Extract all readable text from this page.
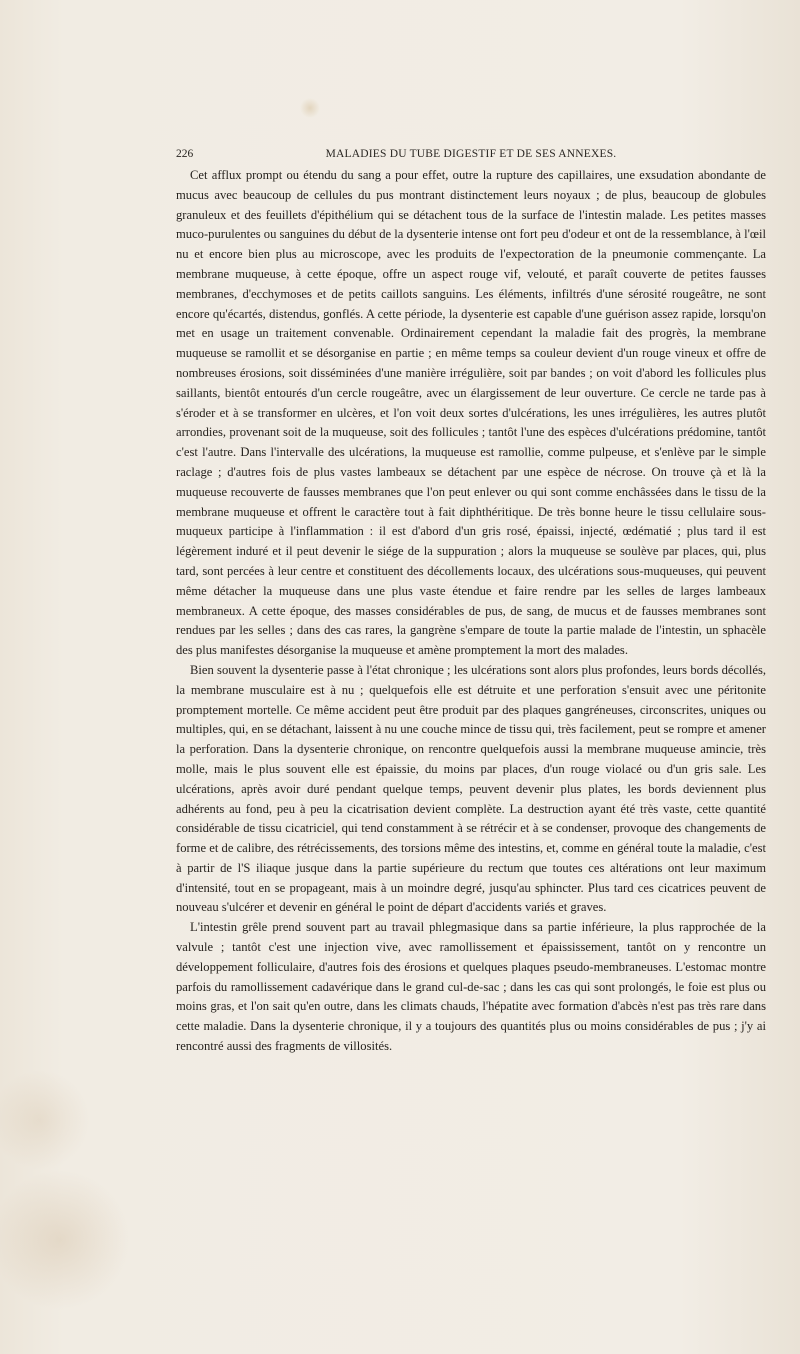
226	MALADIES DU TUBE DIGESTIF ET DE SES ANNEXES.

Cet afflux prompt ou étendu du sang a pour effet, outre la rupture des capillaires, une exsudation abondante de mucus avec beaucoup de cellules du pus montrant distinctement leurs noyaux ; de plus, beaucoup de globules granuleux et des feuillets d'épithélium qui se détachent tous de la surface de l'intestin malade. Les petites masses muco-purulentes ou sanguines du début de la dysenterie intense ont fort peu d'odeur et ont de la ressemblance, à l'œil nu et encore bien plus au microscope, avec les produits de l'expectoration de la pneumonie commençante. La membrane muqueuse, à cette époque, offre un aspect rouge vif, velouté, et paraît couverte de petites fausses membranes, d'ecchymoses et de petits caillots sanguins. Les éléments, infiltrés d'une sérosité rougeâtre, ne sont encore qu'écartés, distendus, gonflés. A cette période, la dysenterie est capable d'une guérison assez rapide, lorsqu'on met en usage un traitement convenable. Ordinairement cependant la maladie fait des progrès, la membrane muqueuse se ramollit et se désorganise en partie ; en même temps sa couleur devient d'un rouge vineux et offre de nombreuses érosions, soit disséminées d'une manière irrégulière, soit par bandes ; on voit d'abord les follicules plus saillants, bientôt entourés d'un cercle rougeâtre, avec un élargissement de leur ouverture. Ce cercle ne tarde pas à s'éroder et à se transformer en ulcères, et l'on voit deux sortes d'ulcérations, les unes irrégulières, les autres plutôt arrondies, provenant soit de la muqueuse, soit des follicules ; tantôt l'une des espèces d'ulcérations prédomine, tantôt c'est l'autre. Dans l'intervalle des ulcérations, la muqueuse est ramollie, comme pulpeuse, et s'enlève par le simple raclage ; d'autres fois de plus vastes lambeaux se détachent par une espèce de nécrose. On trouve çà et là la muqueuse recouverte de fausses membranes que l'on peut enlever ou qui sont comme enchâssées dans le tissu de la membrane muqueuse et offrent le caractère tout à fait diphthéritique. De très bonne heure le tissu cellulaire sous-muqueux participe à l'inflammation : il est d'abord d'un gris rosé, épaissi, injecté, œdématié ; plus tard il est légèrement induré et il peut devenir le siége de la suppuration ; alors la muqueuse se soulève par places, qui, plus tard, sont percées à leur centre et constituent des décollements locaux, des ulcérations sous-muqueuses, qui peuvent même détacher la muqueuse dans une plus vaste étendue et faire rendre par les selles de larges lambeaux membraneux. A cette époque, des masses considérables de pus, de sang, de mucus et de fausses membranes sont rendues par les selles ; dans des cas rares, la gangrène s'empare de toute la partie malade de l'intestin, un sphacèle des plus manifestes désorganise la muqueuse et amène promptement la mort des malades.

Bien souvent la dysenterie passe à l'état chronique ; les ulcérations sont alors plus profondes, leurs bords décollés, la membrane musculaire est à nu ; quelquefois elle est détruite et une perforation s'ensuit avec une péritonite promptement mortelle. Ce même accident peut être produit par des plaques gangréneuses, circonscrites, uniques ou multiples, qui, en se détachant, laissent à nu une couche mince de tissu qui, très facilement, peut se rompre et amener la perforation. Dans la dysenterie chronique, on rencontre quelquefois aussi la membrane muqueuse amincie, très molle, mais le plus souvent elle est épaissie, du moins par places, d'un rouge violacé ou d'un gris sale. Les ulcérations, après avoir duré pendant quelque temps, peuvent devenir plus plates, les bords deviennent plus adhérents au fond, peu à peu la cicatrisation devient complète. La destruction ayant été très vaste, cette quantité considérable de tissu cicatriciel, qui tend constamment à se rétrécir et à se condenser, provoque des changements de forme et de calibre, des rétrécissements, des torsions même des intestins, et, comme en général toute la maladie, c'est à partir de l'S iliaque jusque dans la partie supérieure du rectum que toutes ces altérations ont leur maximum d'intensité, tout en se propageant, mais à un moindre degré, jusqu'au sphincter. Plus tard ces cicatrices peuvent de nouveau s'ulcérer et devenir en général le point de départ d'accidents variés et graves.

L'intestin grêle prend souvent part au travail phlegmasique dans sa partie inférieure, la plus rapprochée de la valvule ; tantôt c'est une injection vive, avec ramollissement et épaississement, tantôt on y rencontre un développement folliculaire, d'autres fois des érosions et quelques plaques pseudo-membraneuses. L'estomac montre parfois du ramollissement cadavérique dans le grand cul-de-sac ; dans les cas qui sont prolongés, le foie est plus ou moins gras, et l'on sait qu'en outre, dans les climats chauds, l'hépatite avec formation d'abcès n'est pas très rare dans cette maladie. Dans la dysenterie chronique, il y a toujours des quantités plus ou moins considérables de pus ; j'y ai rencontré aussi des fragments de villosités.
